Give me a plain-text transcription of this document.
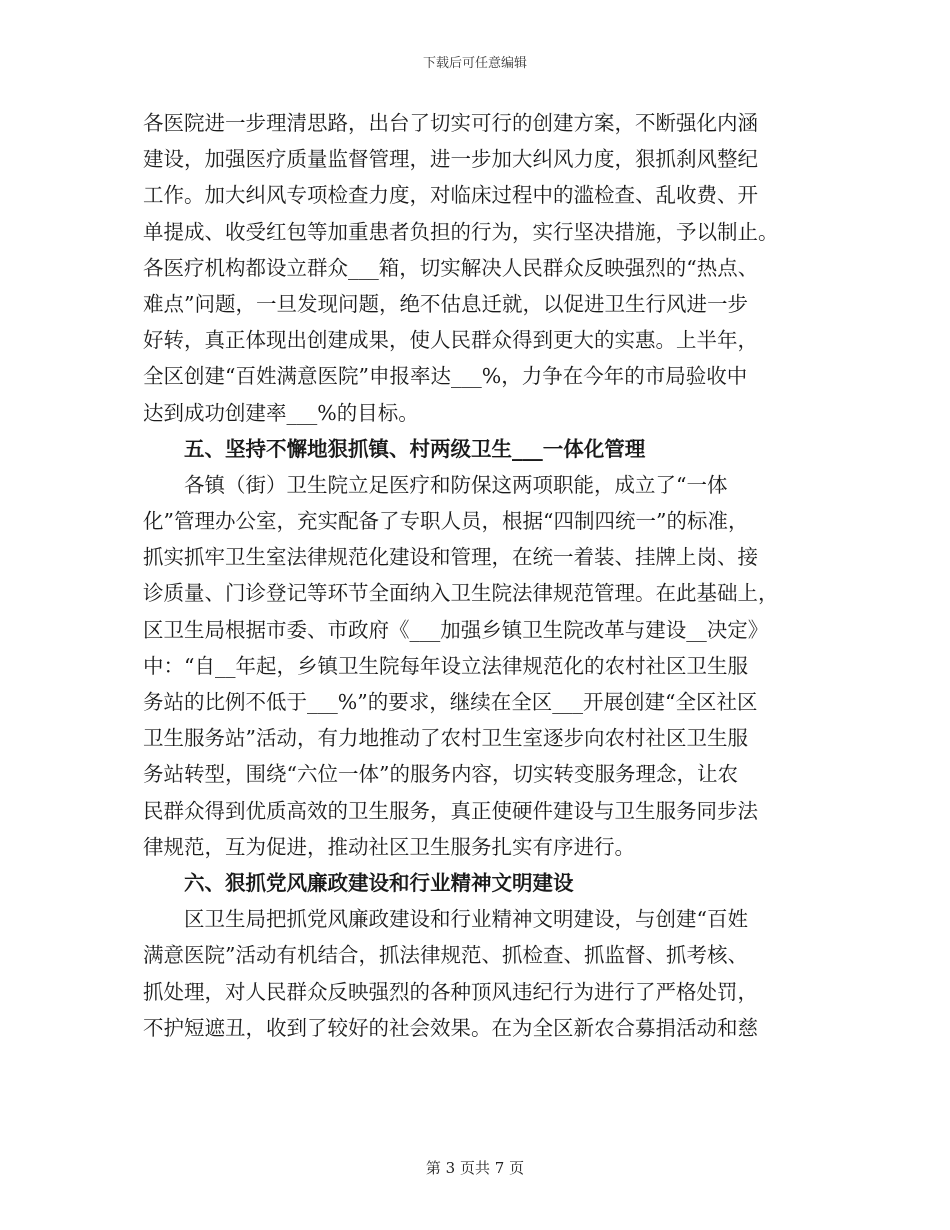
下载后可任意编辑
各医院进一步理清思路，出台了切实可行的创建方案，不断强化内涵
建设，加强医疗质量监督管理，进一步加大纠风力度，狠抓刹风整纪
工作。加大纠风专项检查力度，对临床过程中的滥检查、乱收费、开
单提成、收受红包等加重患者负担的行为，实行坚决措施，予以制止。
各医疗机构都设立群众___箱，切实解决人民群众反映强烈的“热点、
难点”问题，一旦发现问题，绝不估息迁就，以促进卫生行风进一步
好转，真正体现出创建成果，使人民群众得到更大的实惠。上半年，
全区创建“百姓满意医院”申报率达___%，力争在今年的市局验收中
达到成功创建率___%的目标。
五、坚持不懈地狠抓镇、村两级卫生___一体化管理
各镇（街）卫生院立足医疗和防保这两项职能，成立了“一体
化”管理办公室，充实配备了专职人员，根据“四制四统一”的标准，
抓实抓牢卫生室法律规范化建设和管理，在统一着装、挂牌上岗、接
诊质量、门诊登记等环节全面纳入卫生院法律规范管理。在此基础上，
区卫生局根据市委、市政府《___加强乡镇卫生院改革与建设__决定》
中：“自__年起，乡镇卫生院每年设立法律规范化的农村社区卫生服
务站的比例不低于___%”的要求，继续在全区___开展创建“全区社区
卫生服务站”活动，有力地推动了农村卫生室逐步向农村社区卫生服
务站转型，围绕“六位一体”的服务内容，切实转变服务理念，让农
民群众得到优质高效的卫生服务，真正使硬件建设与卫生服务同步法
律规范，互为促进，推动社区卫生服务扎实有序进行。
六、狠抓党风廉政建设和行业精神文明建设
区卫生局把抓党风廉政建设和行业精神文明建设，与创建“百姓
满意医院”活动有机结合，抓法律规范、抓检查、抓监督、抓考核、
抓处理，对人民群众反映强烈的各种顶风违纪行为进行了严格处罚，
不护短遮丑，收到了较好的社会效果。在为全区新农合募捐活动和慈
第 3 页共 7 页
